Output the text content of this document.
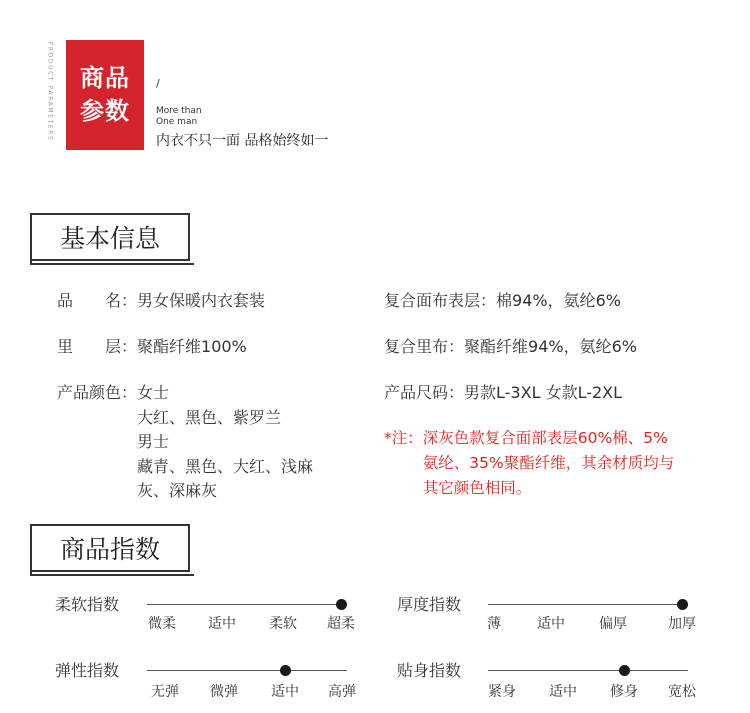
PRODUCT PARAMETERS 商品
参数
/
More than
One man
内衣不只一面 品格始终如一
基本信息
品　　名：男女保暖内衣套装
里　　层：聚酯纤维100%
产品颜色：女士
大红、黑色、紫罗兰
男士
藏青、黑色、大红、浅麻
灰、深麻灰
复合面布表层：棉94%，氨纶6%
复合里布：聚酯纤维94%，氨纶6%
产品尺码：男款L-3XL 女款L-2XL
*注：深灰色款复合面部表层60%棉、5%
氨纶、35%聚酯纤维，其余材质均与
其它颜色相同。
商品指数
柔软指数
微柔 适中 柔软 超柔
厚度指数
薄	适中 偏厚	加厚
弹性指数
无弹 微弹 适中 高弹
贴身指数
紧身 适中 修身 宽松
